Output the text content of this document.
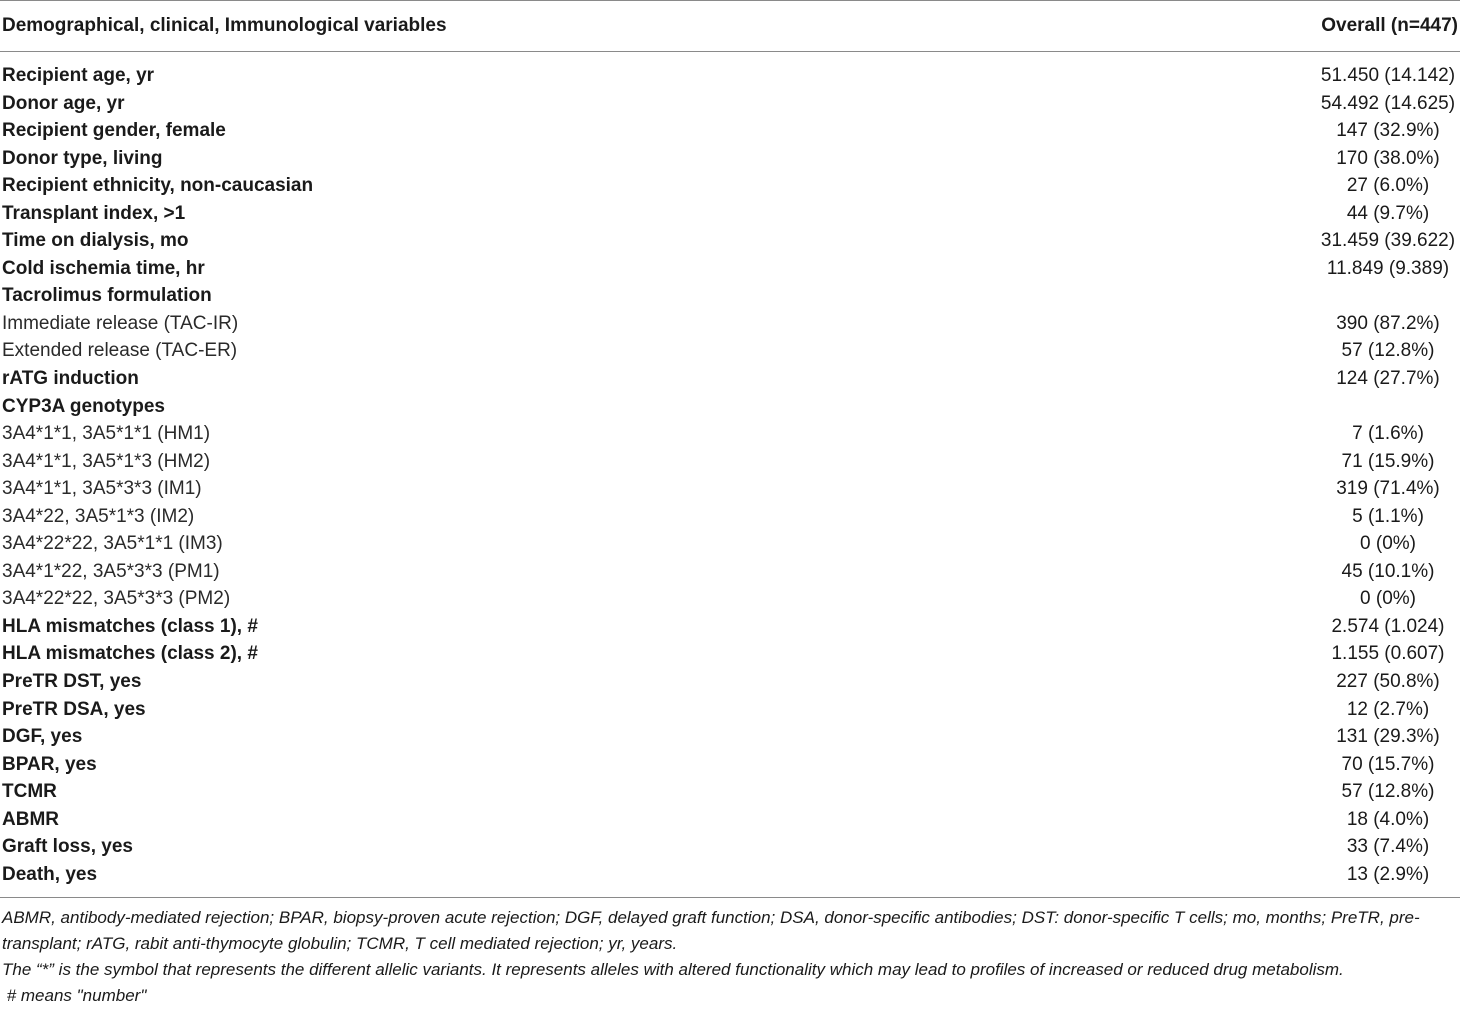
Demographical, clinical, Immunological variables	Overall (n=447)
Recipient age, yr	51.450 (14.142)
Donor age, yr	54.492 (14.625)
Recipient gender, female	147 (32.9%)
Donor type, living	170 (38.0%)
Recipient ethnicity, non-caucasian	27 (6.0%)
Transplant index, >1	44 (9.7%)
Time on dialysis, mo	31.459 (39.622)
Cold ischemia time, hr	11.849 (9.389)
Tacrolimus formulation
Immediate release (TAC-IR)	390 (87.2%)
Extended release (TAC-ER)	57 (12.8%)
rATG induction	124 (27.7%)
CYP3A genotypes
3A4*1*1, 3A5*1*1 (HM1)	7 (1.6%)
3A4*1*1, 3A5*1*3 (HM2)	71 (15.9%)
3A4*1*1, 3A5*3*3 (IM1)	319 (71.4%)
3A4*22, 3A5*1*3 (IM2)	5 (1.1%)
3A4*22*22, 3A5*1*1 (IM3)	0 (0%)
3A4*1*22, 3A5*3*3 (PM1)	45 (10.1%)
3A4*22*22, 3A5*3*3 (PM2)	0 (0%)
HLA mismatches (class 1), #	2.574 (1.024)
HLA mismatches (class 2), #	1.155 (0.607)
PreTR DST, yes	227 (50.8%)
PreTR DSA, yes	12 (2.7%)
DGF, yes	131 (29.3%)
BPAR, yes	70 (15.7%)
TCMR	57 (12.8%)
ABMR	18 (4.0%)
Graft loss, yes	33 (7.4%)
Death, yes	13 (2.9%)

ABMR, antibody-mediated rejection; BPAR, biopsy-proven acute rejection; DGF, delayed graft function; DSA, donor-specific antibodies; DST: donor-specific T cells; mo, months; PreTR, pre-transplant; rATG, rabit anti-thymocyte globulin; TCMR, T cell mediated rejection; yr, years.

The “*” is the symbol that represents the different allelic variants. It represents alleles with altered functionality which may lead to profiles of increased or reduced drug metabolism.

# means "number"
